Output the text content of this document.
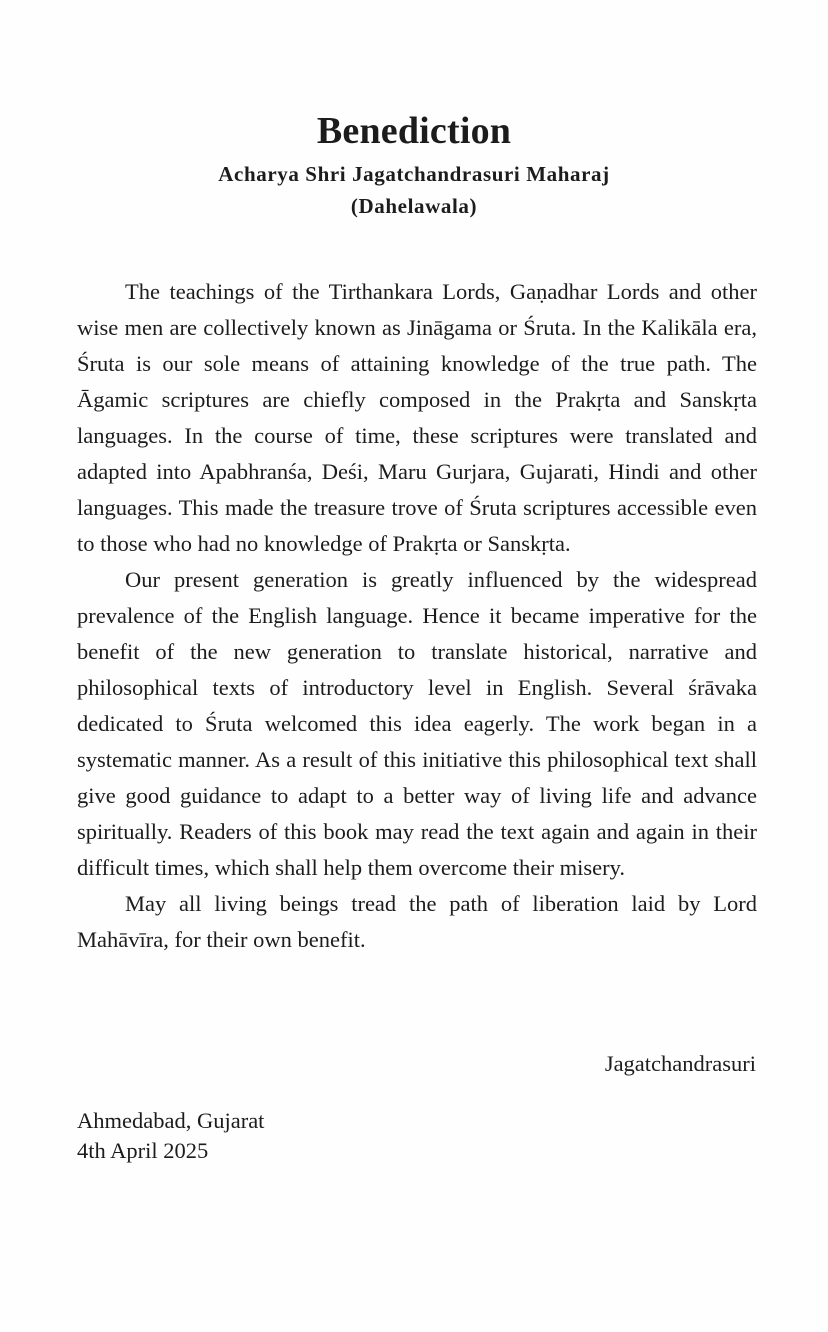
Benediction
Acharya Shri Jagatchandrasuri Maharaj
(Dahelawala)

The teachings of the Tirthankara Lords, Gaṇadhar Lords and other wise men are collectively known as Jināgama or Śruta. In the Kalikāla era, Śruta is our sole means of attaining knowledge of the true path. The Āgamic scriptures are chiefly composed in the Prakṛta and Sanskṛta languages. In the course of time, these scriptures were translated and adapted into Apabhranśa, Deśi, Maru Gurjara, Gujarati, Hindi and other languages. This made the treasure trove of Śruta scriptures accessible even to those who had no knowledge of Prakṛta or Sanskṛta.

Our present generation is greatly influenced by the widespread prevalence of the English language. Hence it became imperative for the benefit of the new generation to translate historical, narrative and philosophical texts of introductory level in English. Several śrāvaka dedicated to Śruta welcomed this idea eagerly. The work began in a systematic manner. As a result of this initiative this philosophical text shall give good guidance to adapt to a better way of living life and advance spiritually. Readers of this book may read the text again and again in their difficult times, which shall help them overcome their misery.

May all living beings tread the path of liberation laid by Lord Mahāvīra, for their own benefit.

Jagatchandrasuri
Ahmedabad, Gujarat
4th April 2025
